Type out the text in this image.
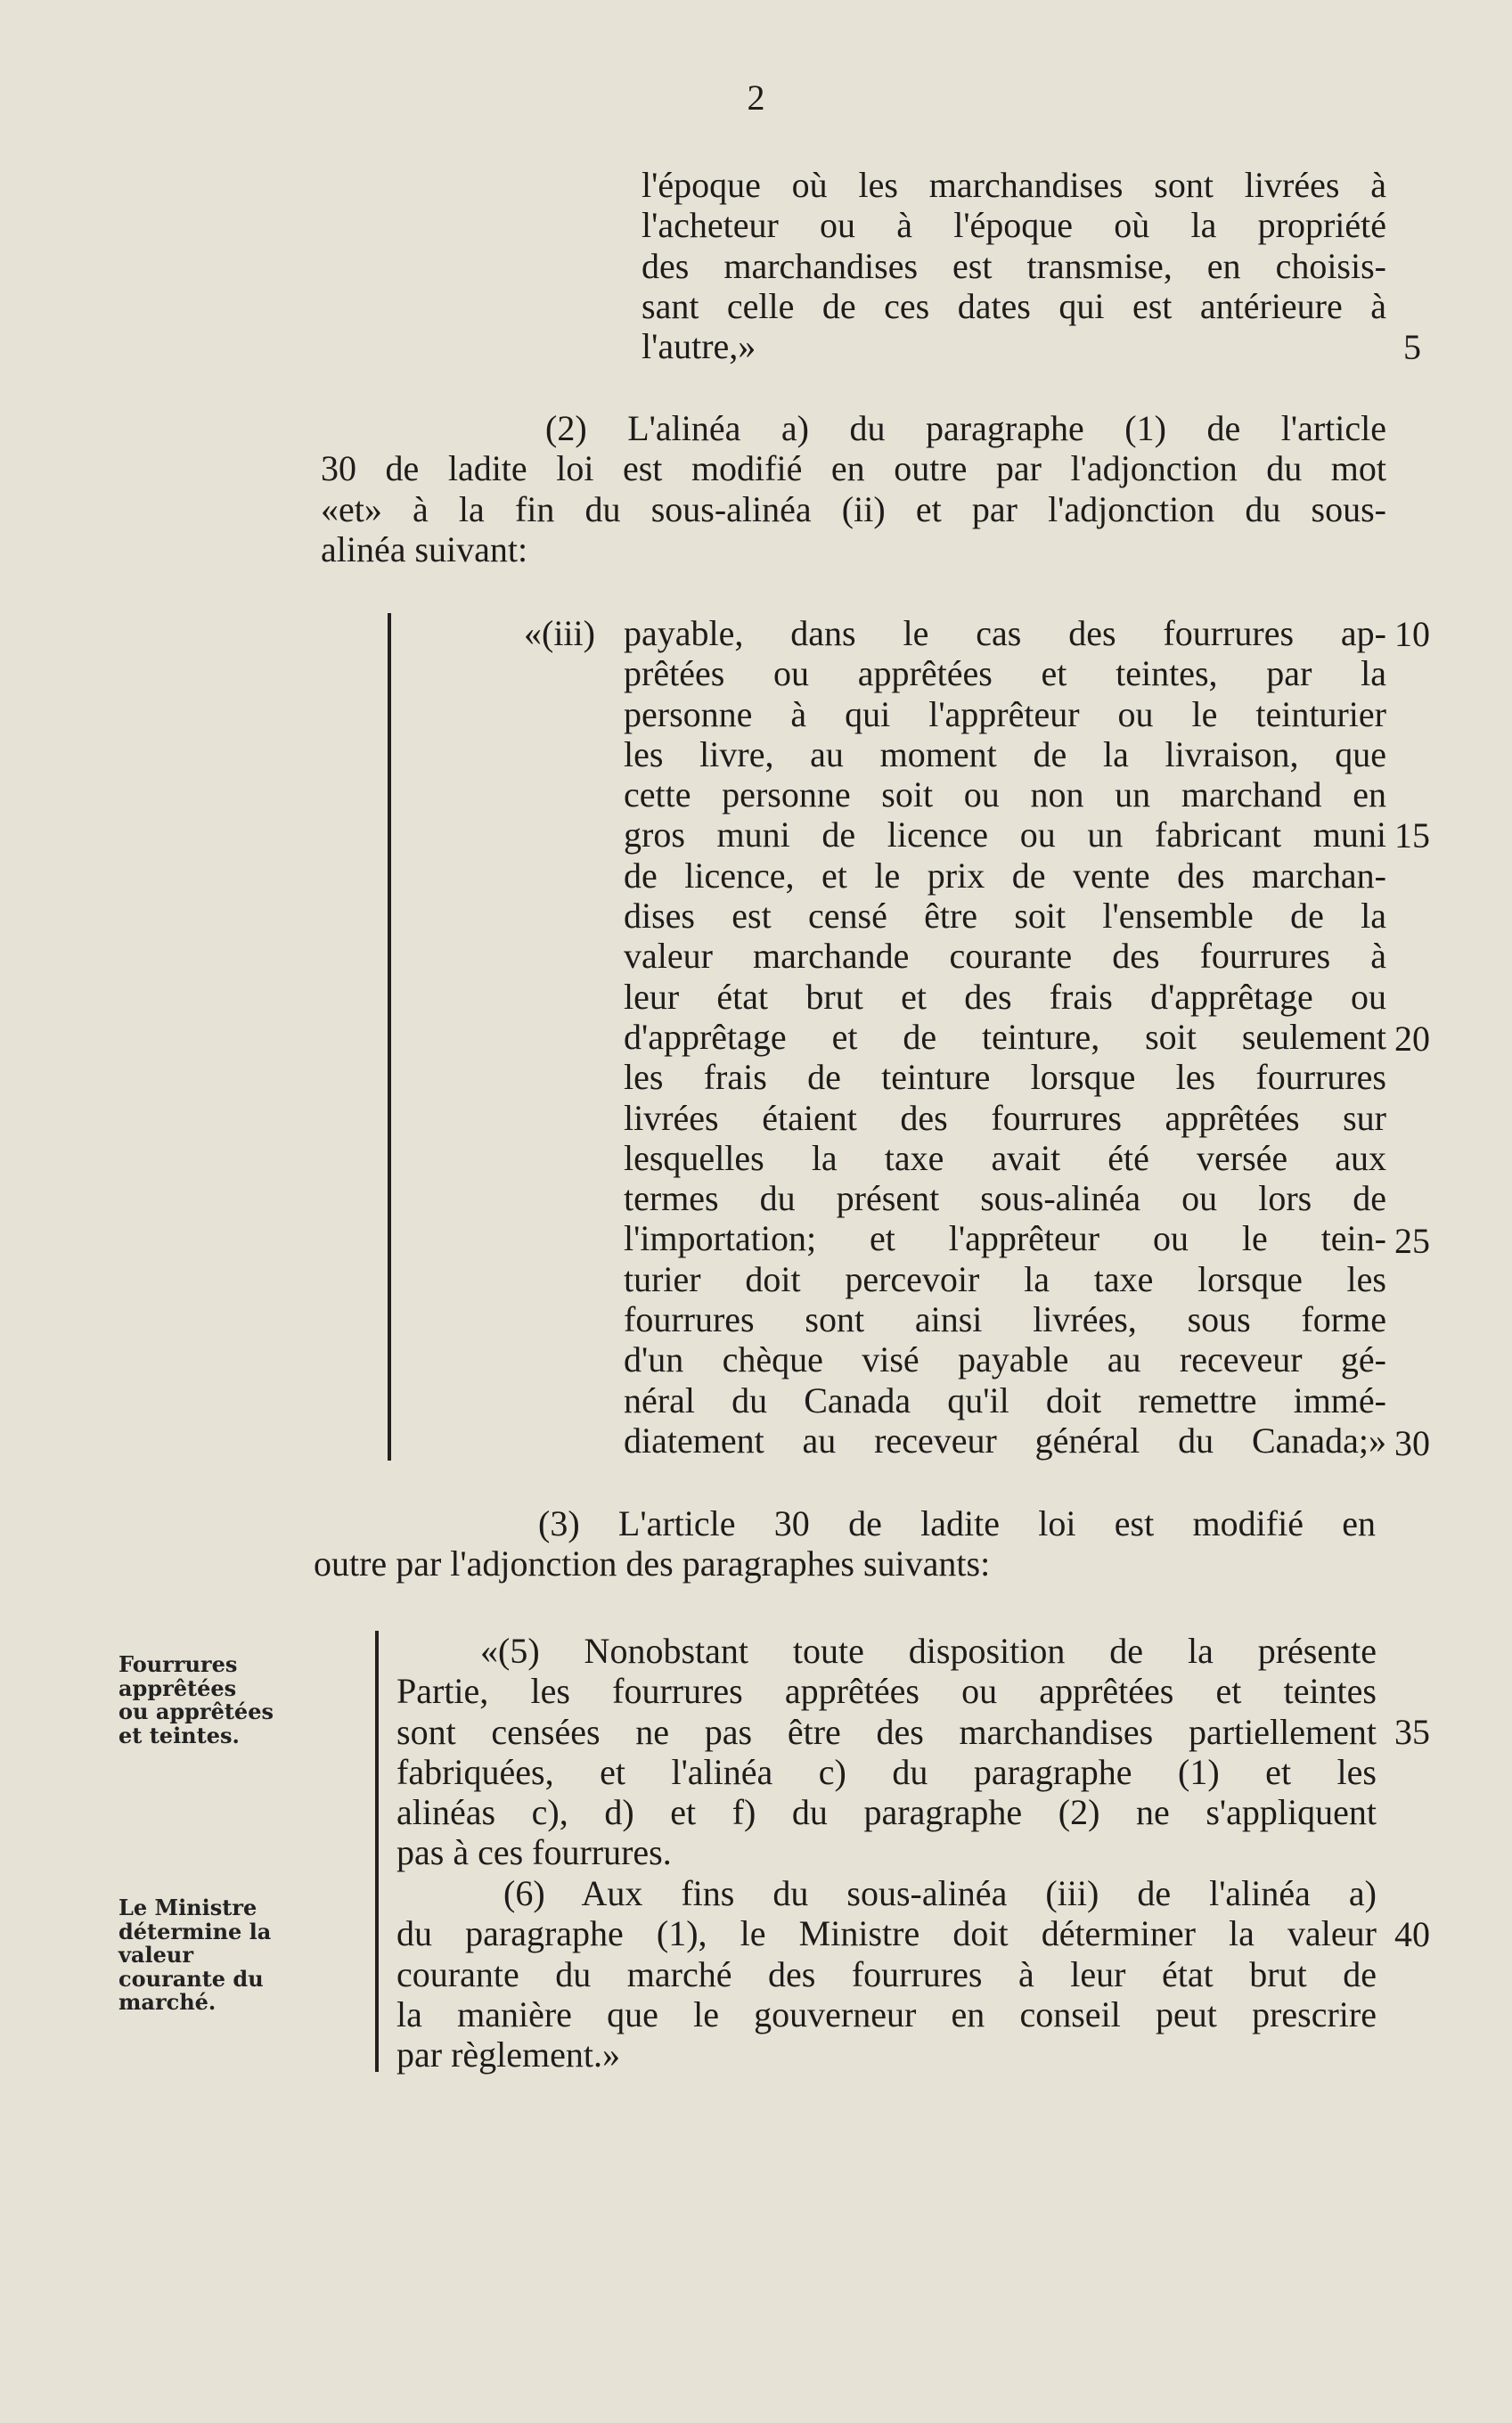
2
l'époque où les marchandises sont livrées à
l'acheteur ou à l'époque où la propriété
des marchandises est transmise, en choisis-
sant celle de ces dates qui est antérieure à
l'autre,»
(2) L'alinéa a) du paragraphe (1) de l'article
30 de ladite loi est modifié en outre par l'adjonction du mot
«et» à la fin du sous-alinéa (ii) et par l'adjonction du sous-
alinéa suivant:
«(iii) payable, dans le cas des fourrures ap-
prêtées ou apprêtées et teintes, par la
personne à qui l'apprêteur ou le teinturier
les livre, au moment de la livraison, que
cette personne soit ou non un marchand en
gros muni de licence ou un fabricant muni
de licence, et le prix de vente des marchan-
dises est censé être soit l'ensemble de la
valeur marchande courante des fourrures à
leur état brut et des frais d'apprêtage ou
d'apprêtage et de teinture, soit seulement
les frais de teinture lorsque les fourrures
livrées étaient des fourrures apprêtées sur
lesquelles la taxe avait été versée aux
termes du présent sous-alinéa ou lors de
l'importation; et l'apprêteur ou le tein-
turier doit percevoir la taxe lorsque les
fourrures sont ainsi livrées, sous forme
d'un chèque visé payable au receveur gé-
néral du Canada qu'il doit remettre immé-
diatement au receveur général du Canada;»
(3) L'article 30 de ladite loi est modifié en
outre par l'adjonction des paragraphes suivants:
«(5) Nonobstant toute disposition de la présente
Partie, les fourrures apprêtées ou apprêtées et teintes
sont censées ne pas être des marchandises partiellement
fabriquées, et l'alinéa c) du paragraphe (1) et les
alinéas c), d) et f) du paragraphe (2) ne s'appliquent
pas à ces fourrures.
(6) Aux fins du sous-alinéa (iii) de l'alinéa a)
du paragraphe (1), le Ministre doit déterminer la valeur
courante du marché des fourrures à leur état brut de
la manière que le gouverneur en conseil peut prescrire
par règlement.»
Fourrures
apprêtées
ou apprêtées
et teintes.
Le Ministre
détermine la
valeur
courante du
marché.
5
10
15
20
25
30
35
40
